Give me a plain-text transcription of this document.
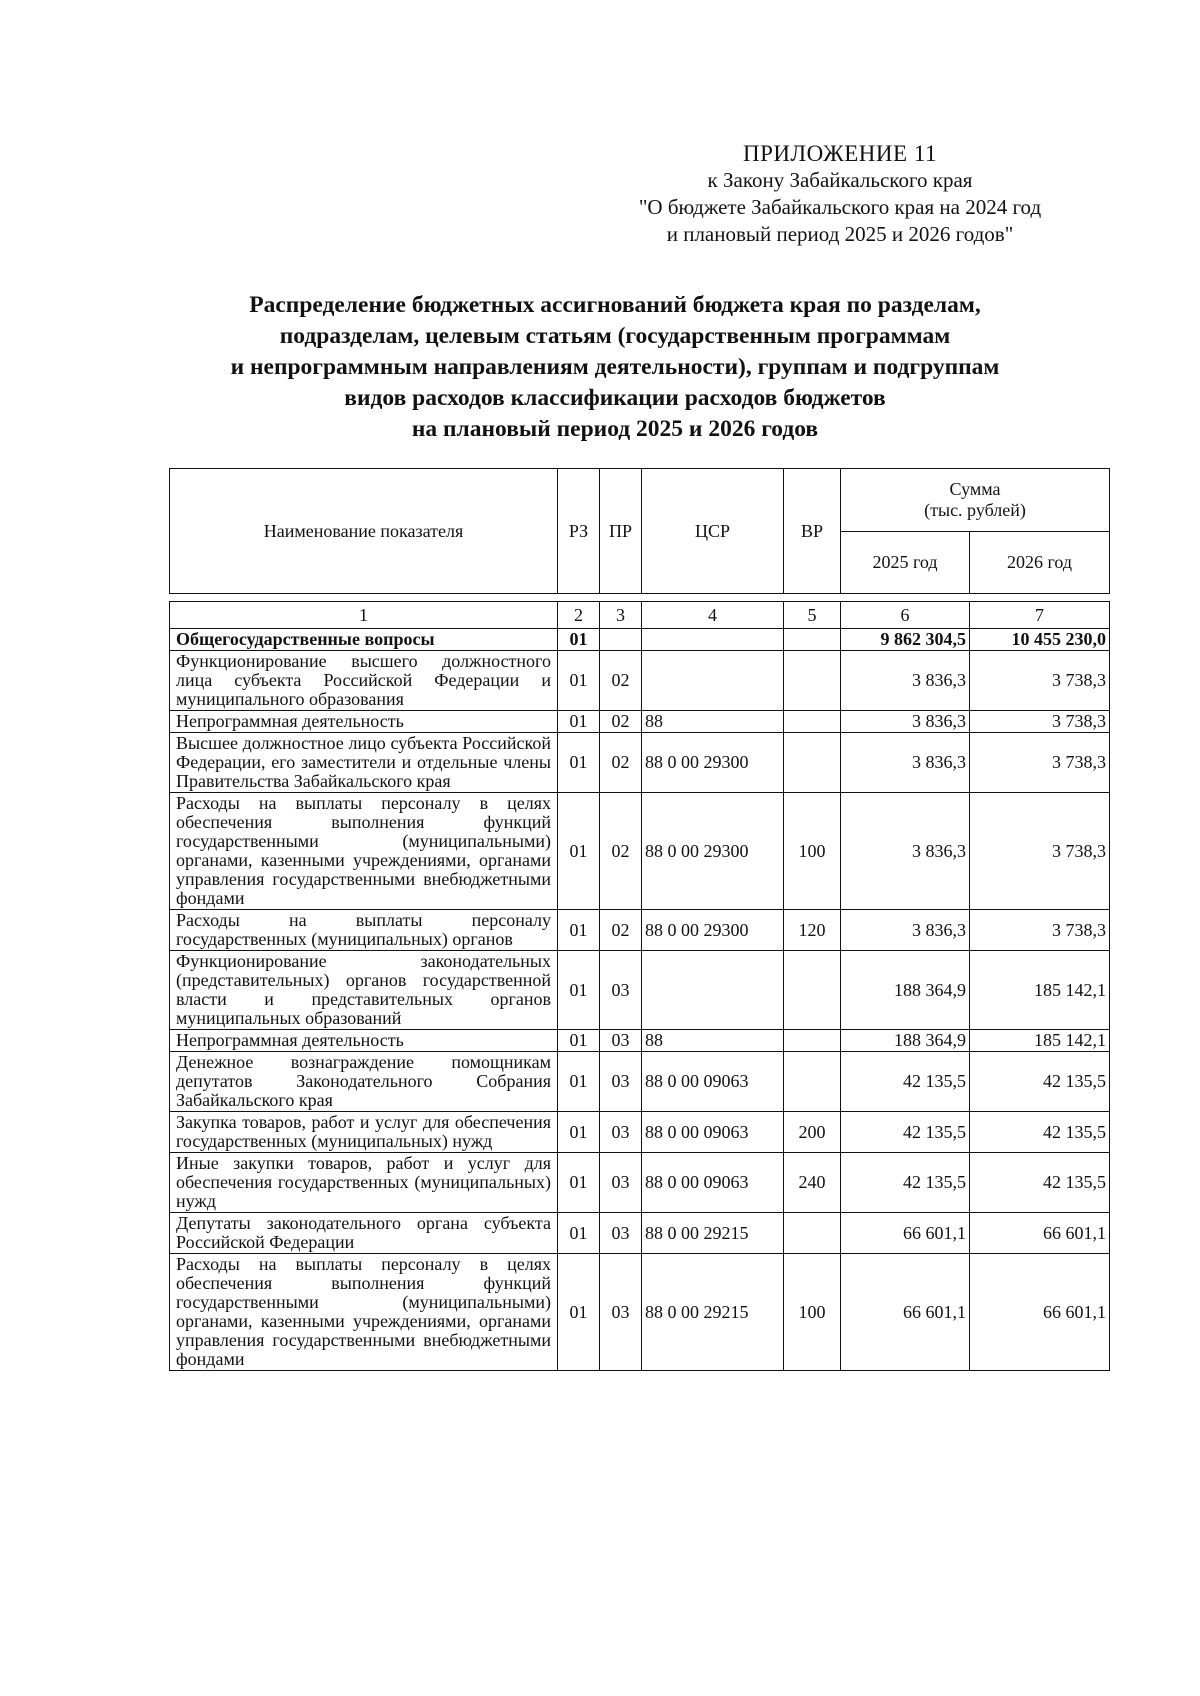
ПРИЛОЖЕНИЕ 11
к Закону Забайкальского края
"О бюджете Забайкальского края на 2024 год
и плановый период 2025 и 2026 годов"
Распределение бюджетных ассигнований бюджета края по разделам,
подразделам, целевым статьям (государственным программам
и непрограммным направлениям деятельности), группам и подгруппам
видов расходов классификации расходов бюджетов
на плановый период 2025 и 2026 годов
Наименование показателя	РЗ	ПР	ЦСР	ВР	Сумма
(тыс. рублей)	

					2025 год	2026 год
1	2	3	4	5	6	7
Общегосударственные вопросы	01				9 862 304,5	10 455 230,0
Функционирование высшего должностного лица субъекта Российской Федерации и муниципального образования	01	02			3 836,3	3 738,3
Непрограммная деятельность	01	02	88		3 836,3	3 738,3
Высшее должностное лицо субъекта Российской Федерации, его заместители и отдельные члены Правительства Забайкальского края	01	02	88 0 00 29300		3 836,3	3 738,3
Расходы на выплаты персоналу в целях обеспечения выполнения функций государственными (муниципальными) органами, казенными учреждениями, органами управления государственными внебюджетными фондами	01	02	88 0 00 29300	100	3 836,3	3 738,3
Расходы на выплаты персоналу государственных (муниципальных) органов	01	02	88 0 00 29300	120	3 836,3	3 738,3
Функционирование законодательных (представительных) органов государственной власти и представительных органов муниципальных образований	01	03			188 364,9	185 142,1
Непрограммная деятельность	01	03	88		188 364,9	185 142,1
Денежное вознаграждение помощникам депутатов Законодательного Собрания Забайкальского края	01	03	88 0 00 09063		42 135,5	42 135,5
Закупка товаров, работ и услуг для обеспечения государственных (муниципальных) нужд	01	03	88 0 00 09063	200	42 135,5	42 135,5
Иные закупки товаров, работ и услуг для обеспечения государственных (муниципальных) нужд	01	03	88 0 00 09063	240	42 135,5	42 135,5
Депутаты законодательного органа субъекта Российской Федерации	01	03	88 0 00 29215		66 601,1	66 601,1
Расходы на выплаты персоналу в целях обеспечения выполнения функций государственными (муниципальными) органами, казенными учреждениями, органами управления государственными внебюджетными фондами	01	03	88 0 00 29215	100	66 601,1	66 601,1
